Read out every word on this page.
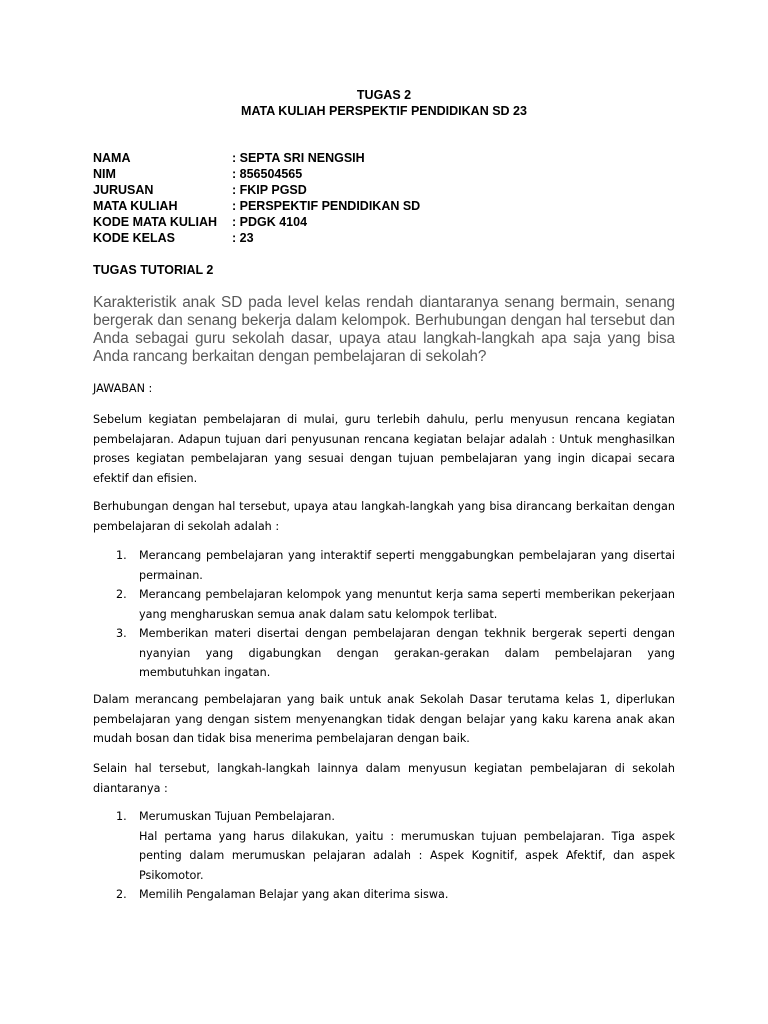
TUGAS 2
MATA KULIAH PERSPEKTIF PENDIDIKAN SD 23
NAMA	: SEPTA SRI NENGSIH
NIM	: 856504565
JURUSAN	: FKIP PGSD
MATA KULIAH	: PERSPEKTIF PENDIDIKAN SD
KODE MATA KULIAH : PDGK 4104
KODE KELAS	: 23
TUGAS TUTORIAL 2
Karakteristik anak SD pada level kelas rendah diantaranya senang bermain, senang bergerak dan senang bekerja dalam kelompok. Berhubungan dengan hal tersebut dan Anda sebagai guru sekolah dasar, upaya atau langkah-langkah apa saja yang bisa Anda rancang berkaitan dengan pembelajaran di sekolah?
JAWABAN :

Sebelum kegiatan pembelajaran di mulai, guru terlebih dahulu, perlu menyusun rencana kegiatan pembelajaran. Adapun tujuan dari penyusunan rencana kegiatan belajar adalah : Untuk menghasilkan proses kegiatan pembelajaran yang sesuai dengan tujuan pembelajaran yang ingin dicapai secara efektif dan efisien.

Berhubungan dengan hal tersebut, upaya atau langkah-langkah yang bisa dirancang berkaitan dengan pembelajaran di sekolah adalah :

1. Merancang pembelajaran yang interaktif seperti menggabungkan pembelajaran yang disertai permainan.
2. Merancang pembelajaran kelompok yang menuntut kerja sama seperti memberikan pekerjaan yang mengharuskan semua anak dalam satu kelompok terlibat.
3. Memberikan materi disertai dengan pembelajaran dengan tekhnik bergerak seperti dengan nyanyian yang digabungkan dengan gerakan-gerakan dalam pembelajaran yang membutuhkan ingatan.

Dalam merancang pembelajaran yang baik untuk anak Sekolah Dasar terutama kelas 1, diperlukan pembelajaran yang dengan sistem menyenangkan tidak dengan belajar yang kaku karena anak akan mudah bosan dan tidak bisa menerima pembelajaran dengan baik.

Selain hal tersebut, langkah-langkah lainnya dalam menyusun kegiatan pembelajaran di sekolah diantaranya :

1. Merumuskan Tujuan Pembelajaran.
Hal pertama yang harus dilakukan, yaitu : merumuskan tujuan pembelajaran. Tiga aspek penting dalam merumuskan pelajaran adalah : Aspek Kognitif, aspek Afektif, dan aspek Psikomotor.
2. Memilih Pengalaman Belajar yang akan diterima siswa.
